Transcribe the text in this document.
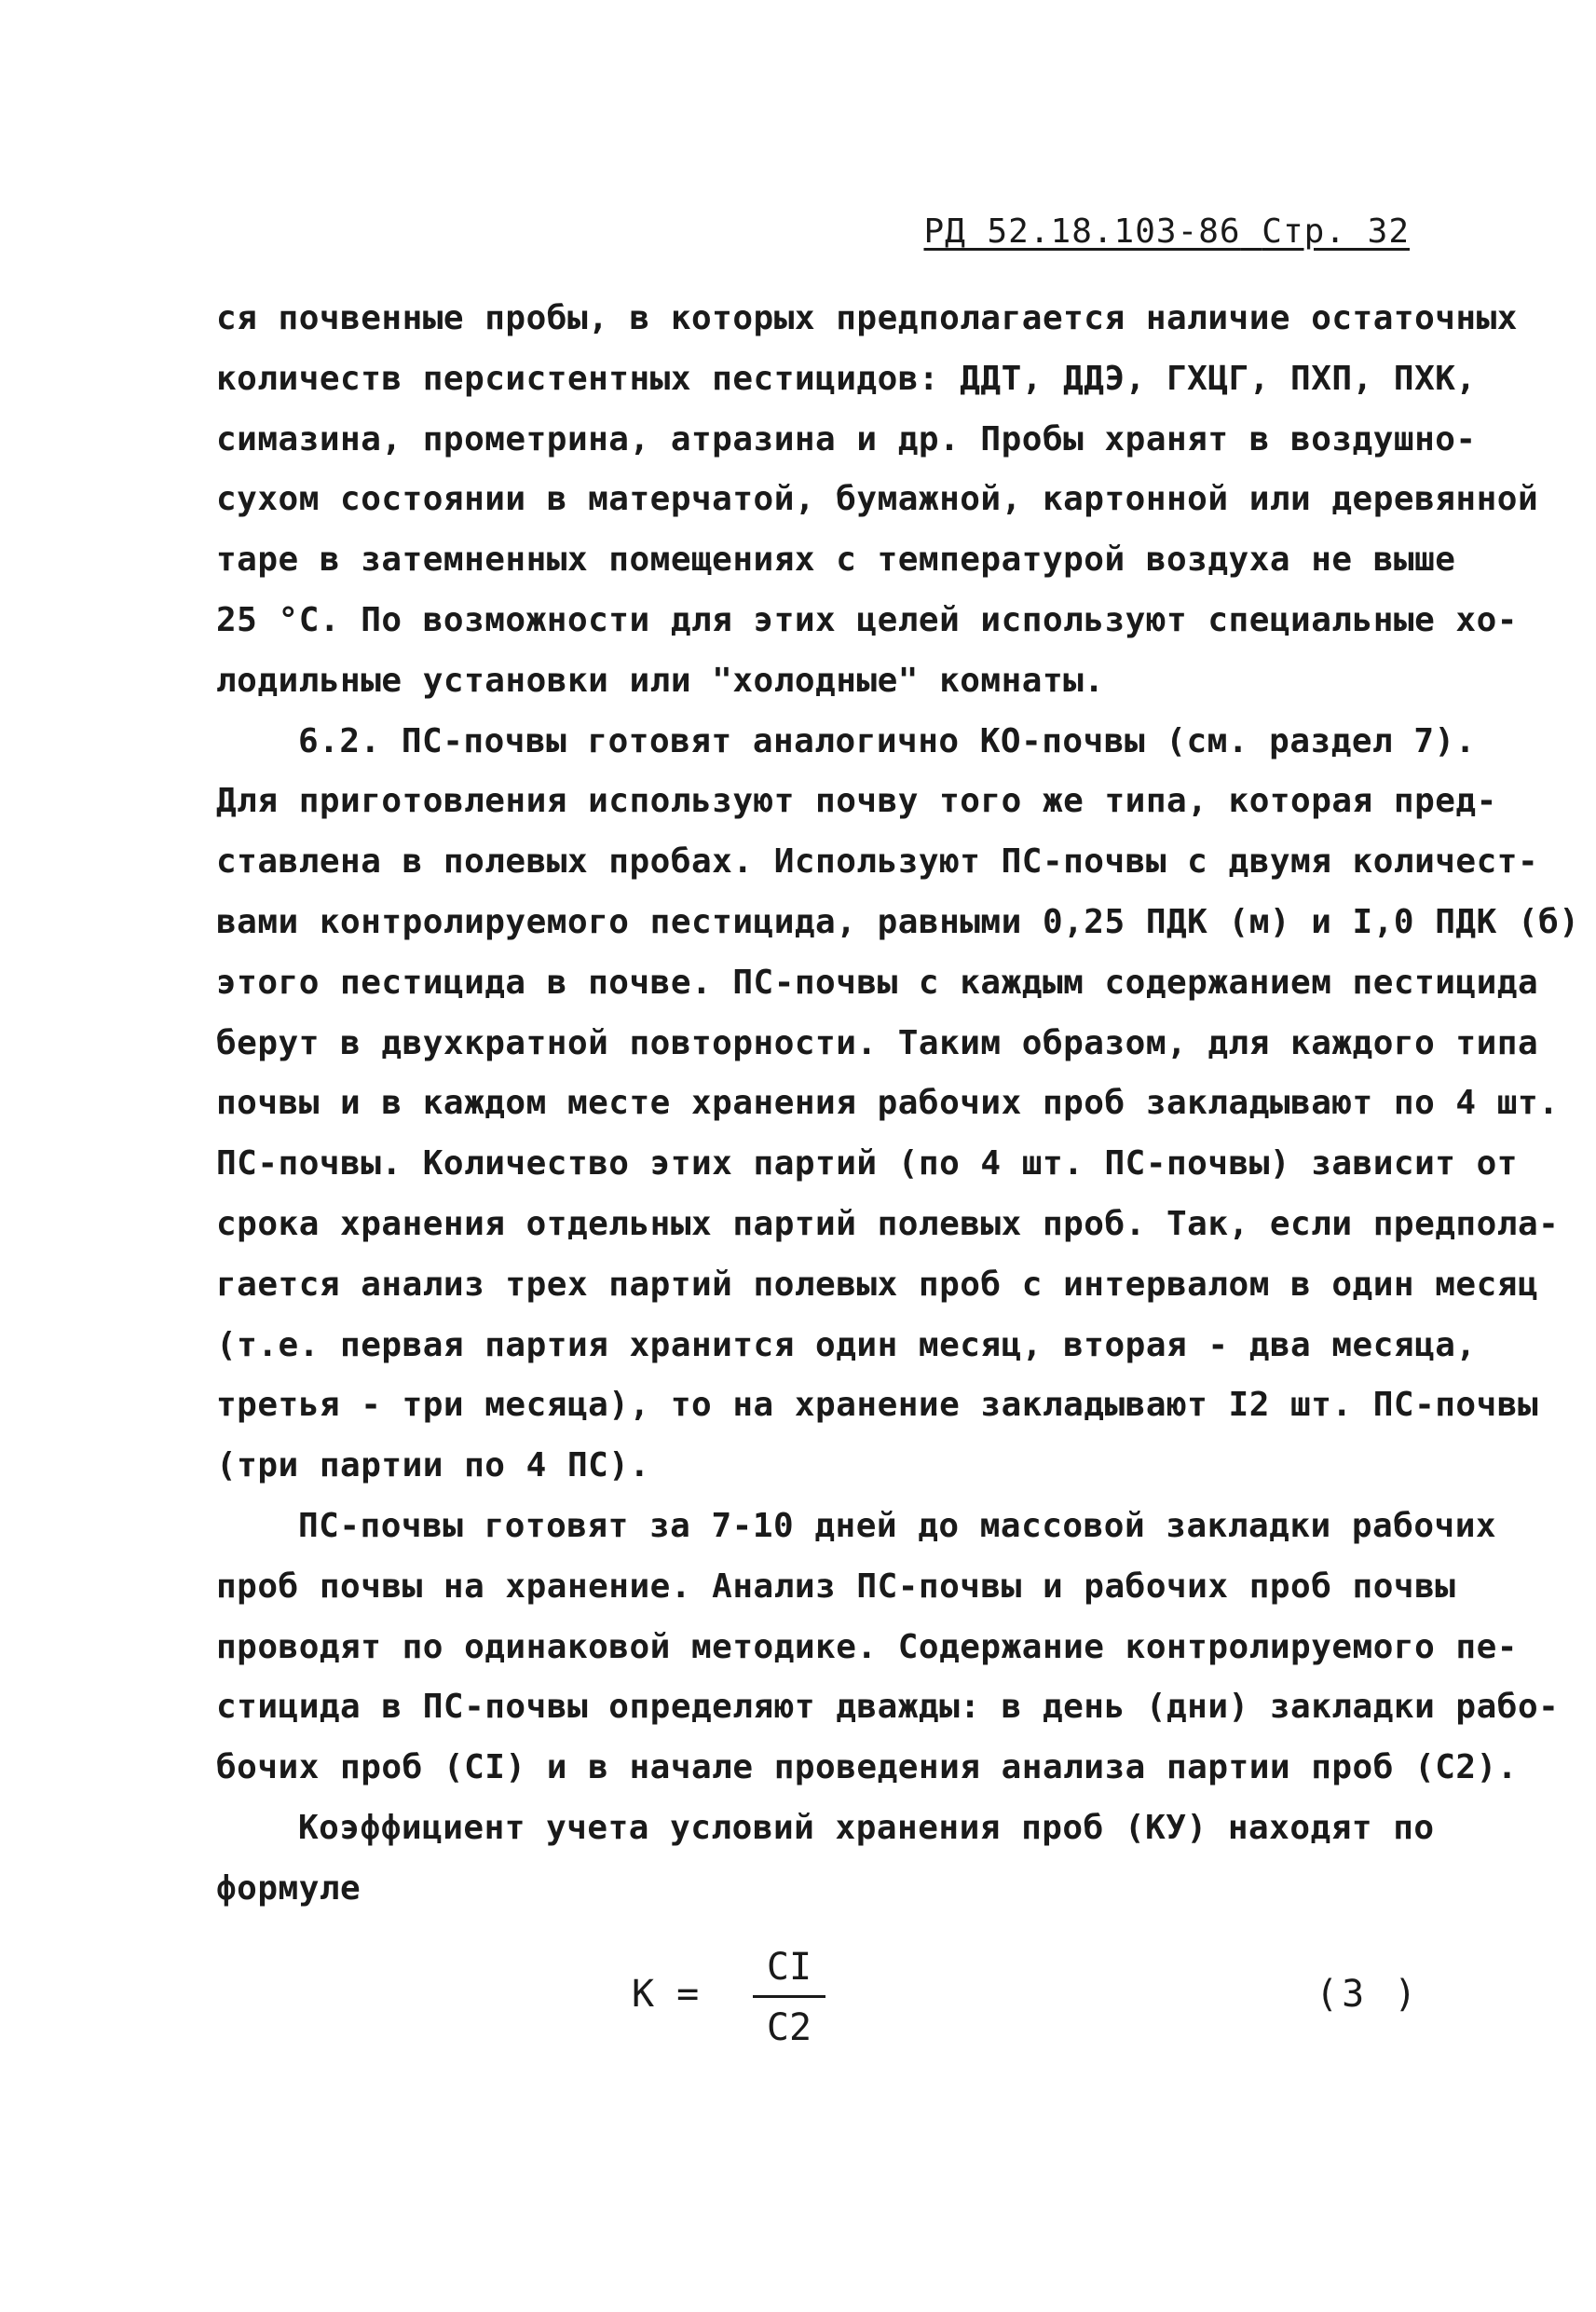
РД 52.18.103-86 Стр. 32
ся почвенные пробы, в которых предполагается наличие остаточных
количеств персистентных пестицидов: ДДТ, ДДЭ, ГХЦГ, ПХП, ПХК,
симазина, прометрина, атразина и др. Пробы хранят в воздушно-
сухом состоянии в матерчатой, бумажной, картонной или деревянной
таре в затемненных помещениях с температурой воздуха не выше
25 °С. По возможности для этих целей используют специальные хо-
лодильные установки или "холодные" комнаты.
6.2. ПС-почвы готовят аналогично КО-почвы (см. раздел 7).
Для приготовления используют почву того же типа, которая пред-
ставлена в полевых пробах. Используют ПС-почвы с двумя количест-
вами контролируемого пестицида, равными 0,25 ПДК (м) и I,0 ПДК (б)
этого пестицида в почве. ПС-почвы с каждым содержанием пестицида
берут в двухкратной повторности. Таким образом, для каждого типа
почвы и в каждом месте хранения рабочих проб закладывают по 4 шт.
ПС-почвы. Количество этих партий (по 4 шт. ПС-почвы) зависит от
срока хранения отдельных партий полевых проб. Так, если предпола-
гается анализ трех партий полевых проб с интервалом в один месяц
(т.е. первая партия хранится один месяц, вторая - два месяца,
третья - три месяца), то на хранение закладывают I2 шт. ПС-почвы
(три партии по 4 ПС).
ПС-почвы готовят за 7-10 дней до массовой закладки рабочих
проб почвы на хранение. Анализ ПС-почвы и рабочих проб почвы
проводят по одинаковой методике. Содержание контролируемого пе-
стицида в ПС-почвы определяют дважды: в день (дни) закладки рабо-
бочих проб (СI) и в начале проведения анализа партии проб (С2).
Коэффициент учета условий хранения проб (КУ) находят по
формуле
К =
СI
С2
(3 )
